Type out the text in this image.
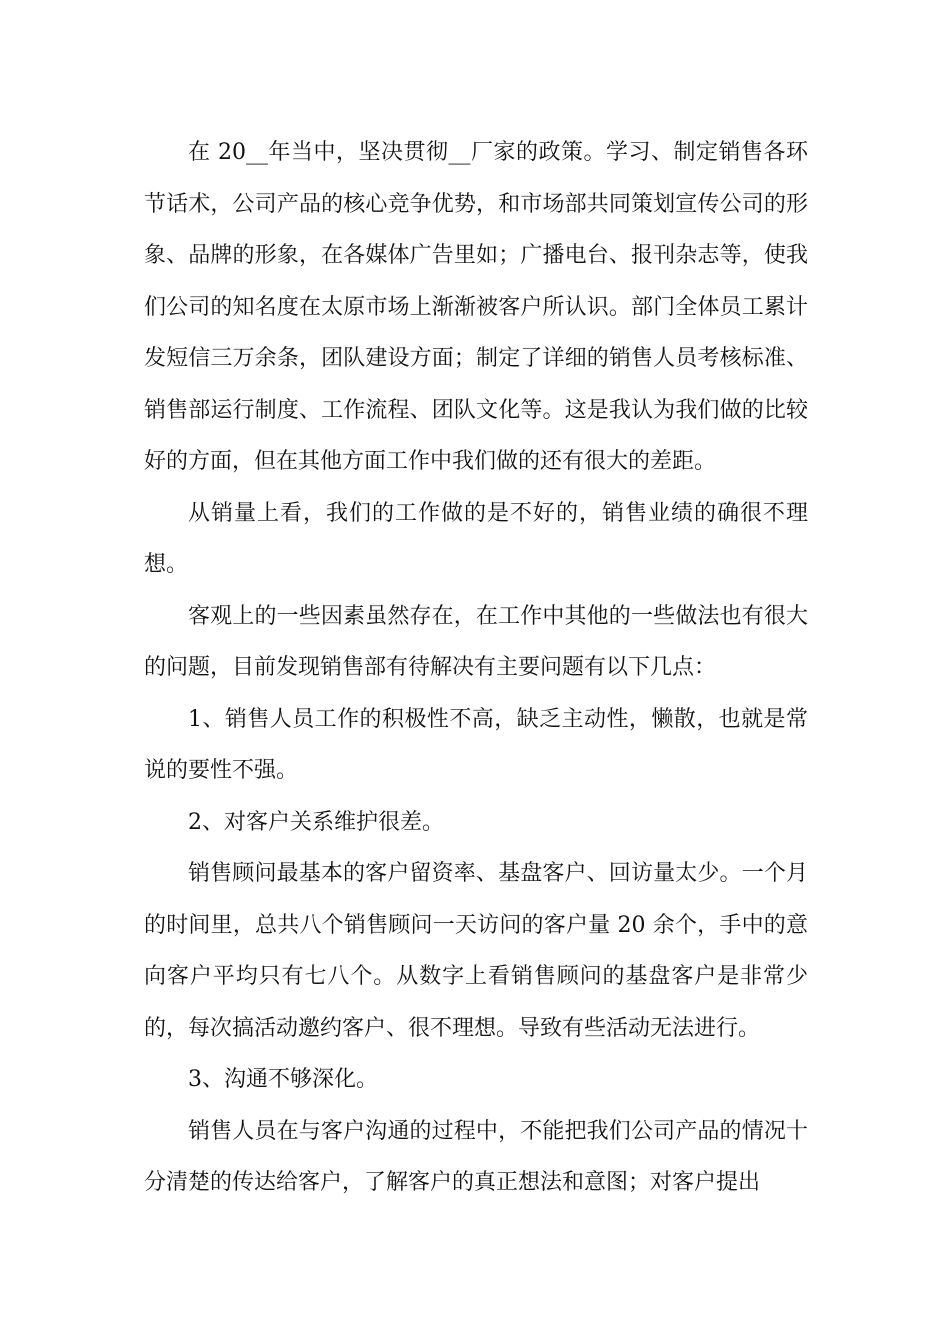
在 20__年当中，坚决贯彻__厂家的政策。学习、制定销售各环节话术，公司产品的核心竞争优势，和市场部共同策划宣传公司的形象、品牌的形象，在各媒体广告里如；广播电台、报刊杂志等，使我们公司的知名度在太原市场上渐渐被客户所认识。部门全体员工累计发短信三万余条，团队建设方面；制定了详细的销售人员考核标准、销售部运行制度、工作流程、团队文化等。这是我认为我们做的比较好的方面，但在其他方面工作中我们做的还有很大的差距。

从销量上看，我们的工作做的是不好的，销售业绩的确很不理想。

客观上的一些因素虽然存在，在工作中其他的一些做法也有很大的问题，目前发现销售部有待解决有主要问题有以下几点：

1、销售人员工作的积极性不高，缺乏主动性，懒散，也就是常说的要性不强。

2、对客户关系维护很差。

销售顾问最基本的客户留资率、基盘客户、回访量太少。一个月的时间里，总共八个销售顾问一天访问的客户量 20 余个，手中的意向客户平均只有七八个。从数字上看销售顾问的基盘客户是非常少的，每次搞活动邀约客户、很不理想。导致有些活动无法进行。

3、沟通不够深化。

销售人员在与客户沟通的过程中，不能把我们公司产品的情况十分清楚的传达给客户，了解客户的真正想法和意图；对客户提出
